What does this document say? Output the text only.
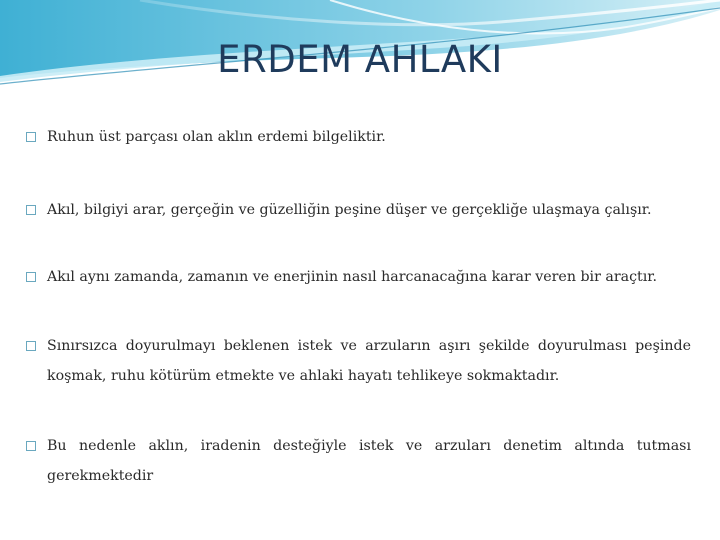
ERDEM AHLAKI
Ruhun üst parçası olan aklın erdemi bilgeliktir.
Akıl, bilgiyi arar, gerçeğin ve güzelliğin peşine düşer ve gerçekliğe ulaşmaya çalışır.
Akıl aynı zamanda, zamanın ve enerjinin nasıl harcanacağına karar veren bir araçtır.
Sınırsızca doyurulmayı beklenen istek ve arzuların aşırı şekilde doyurulması peşinde koşmak, ruhu kötürüm etmekte ve ahlaki hayatı tehlikeye sokmaktadır.
Bu nedenle aklın, iradenin desteğiyle istek ve arzuları denetim altında tutması gerekmektedir
